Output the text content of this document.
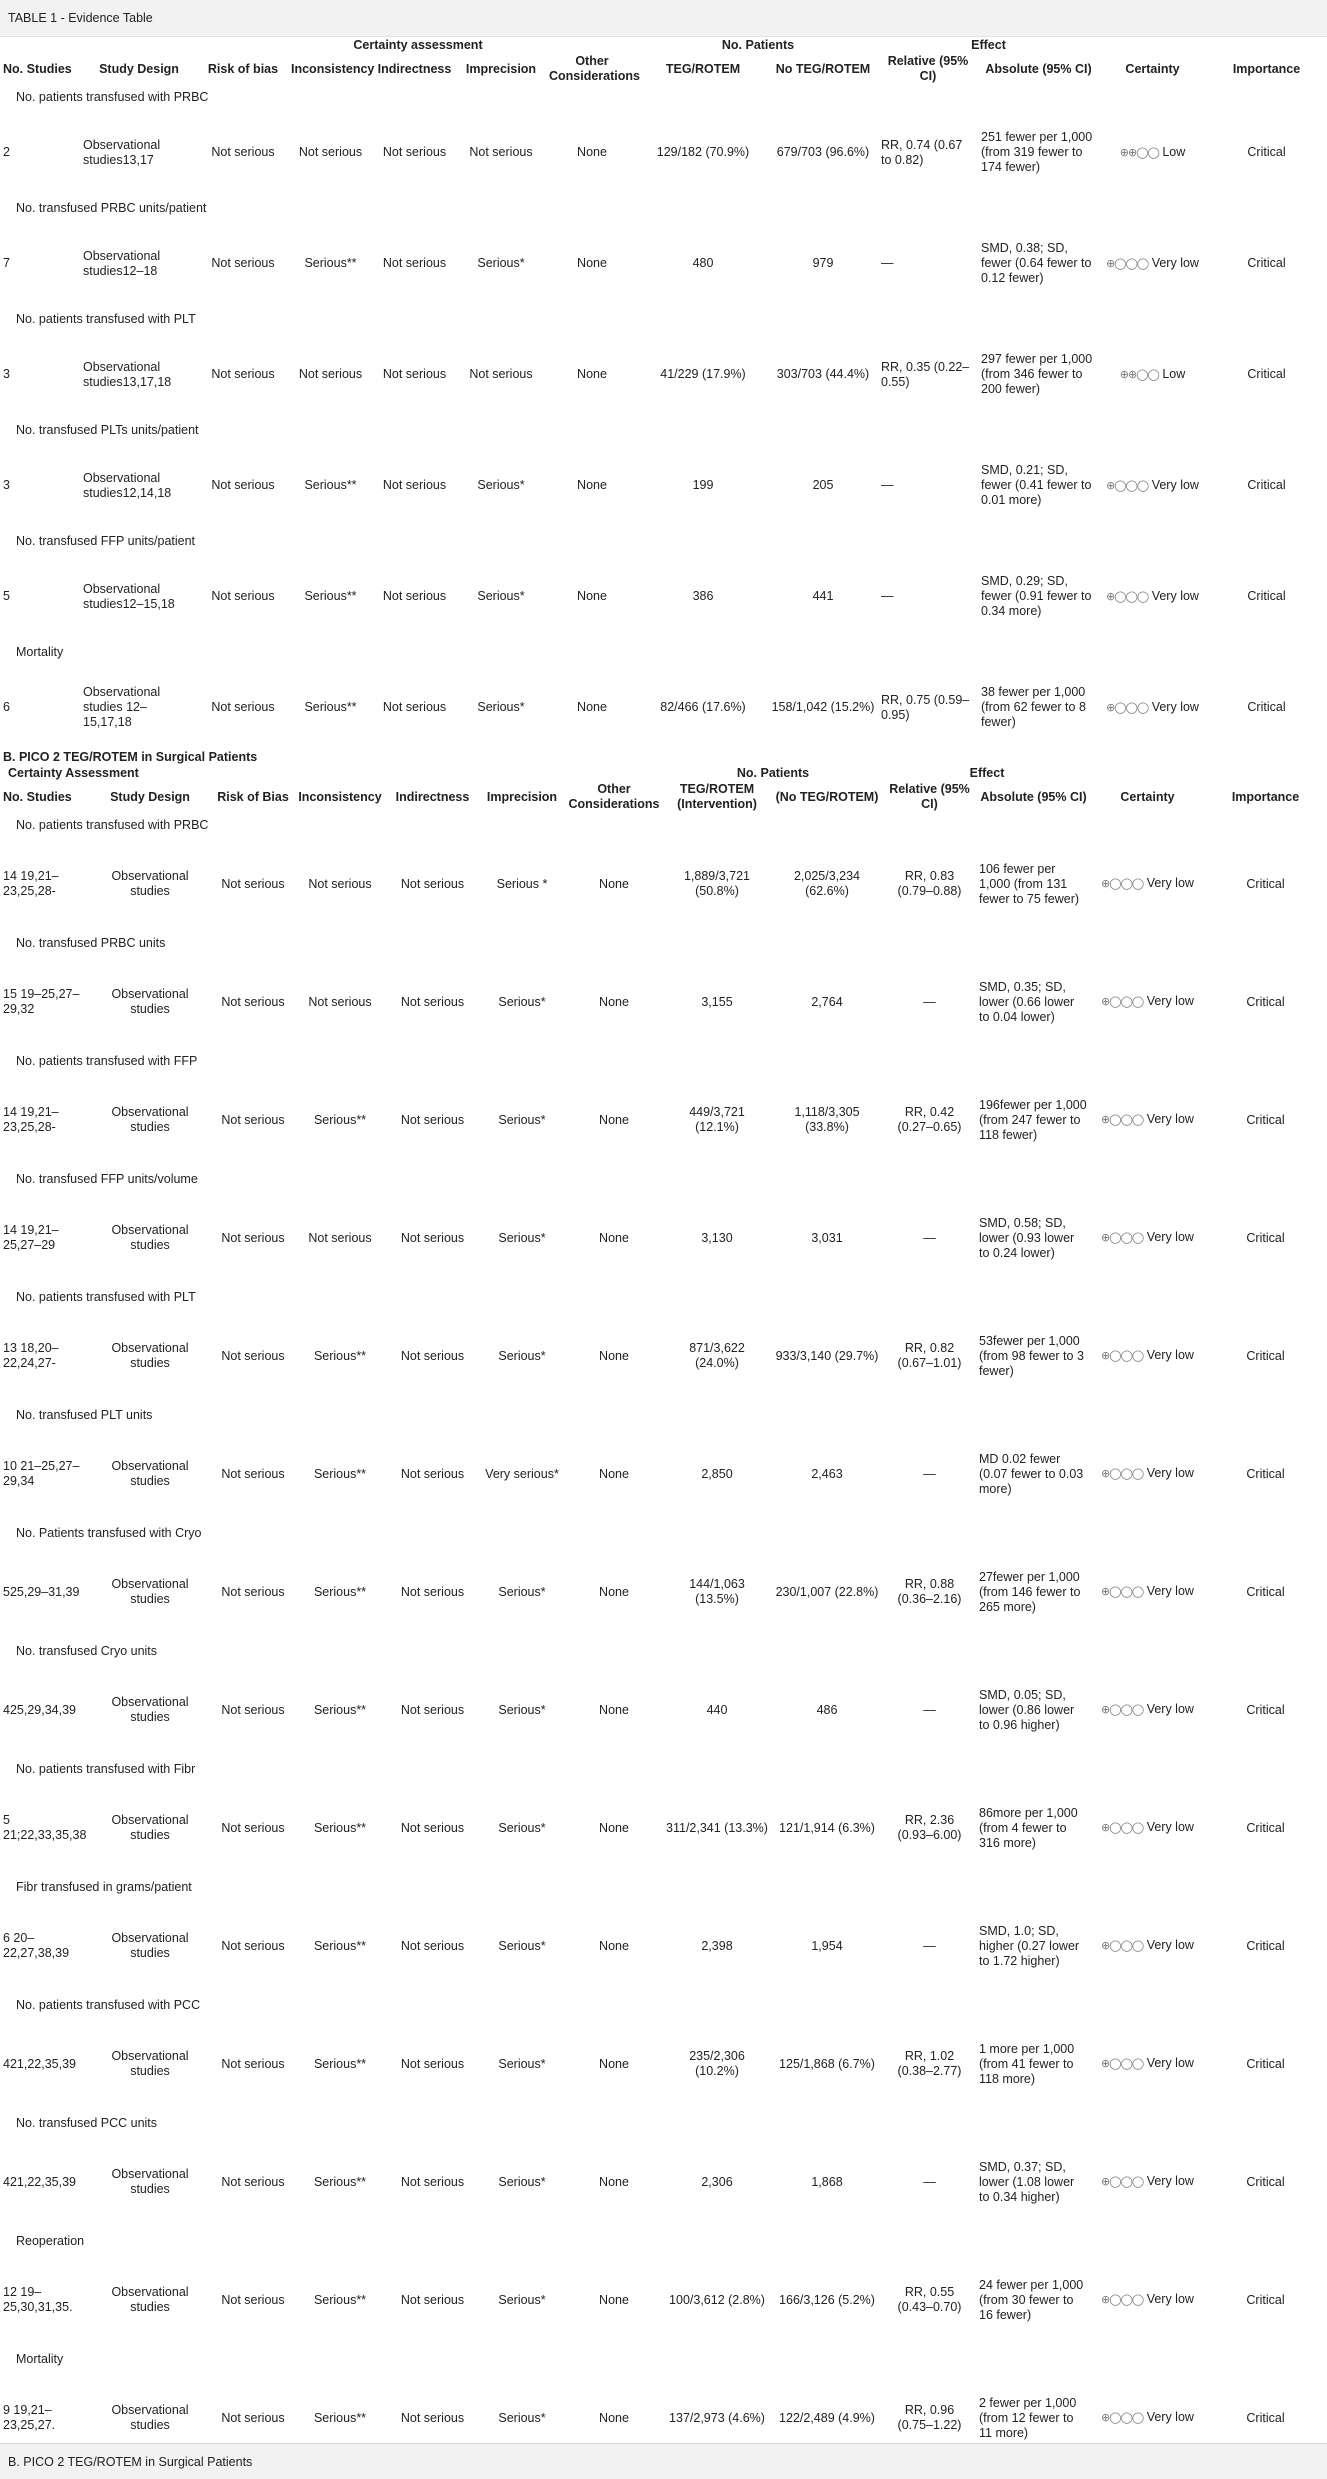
TABLE 1 - Evidence Table
		Certainty assessment					No. Patients		Effect			
No. Studies	Study Design	Risk of bias	Inconsistency	Indirectness	Imprecision	Other Considerations	TEG/ROTEM	No TEG/ROTEM	Relative (95% CI)	Absolute (95% CI)	Certainty	Importance
No. patients transfused with PRBC												
2	Observational studies13,17	Not serious	Not serious	Not serious	Not serious	None	129/182 (70.9%)	679/703 (96.6%)	RR, 0.74 (0.67 to 0.82)	251 fewer per 1,000 (from 319 fewer to 174 fewer)	⊕⊕◯◯ Low	Critical
No. transfused PRBC units/patient												
7	Observational studies12–18	Not serious	Serious**	Not serious	Serious*	None	480	979	—	SMD, 0.38; SD, fewer (0.64 fewer to 0.12 fewer)	⊕◯◯◯ Very low	Critical
No. patients transfused with PLT												
3	Observational studies13,17,18	Not serious	Not serious	Not serious	Not serious	None	41/229 (17.9%)	303/703 (44.4%)	RR, 0.35 (0.22–0.55)	297 fewer per 1,000 (from 346 fewer to 200 fewer)	⊕⊕◯◯ Low	Critical
No. transfused PLTs units/patient												
3	Observational studies12,14,18	Not serious	Serious**	Not serious	Serious*	None	199	205	—	SMD, 0.21; SD, fewer (0.41 fewer to 0.01 more)	⊕◯◯◯ Very low	Critical
No. transfused FFP units/patient												
5	Observational studies12–15,18	Not serious	Serious**	Not serious	Serious*	None	386	441	—	SMD, 0.29; SD, fewer (0.91 fewer to 0.34 more)	⊕◯◯◯ Very low	Critical
Mortality												
6	Observational studies 12–15,17,18	Not serious	Serious**	Not serious	Serious*	None	82/466 (17.6%)	158/1,042 (15.2%)	RR, 0.75 (0.59–0.95)	38 fewer per 1,000 (from 62 fewer to 8 fewer)	⊕◯◯◯ Very low	Critical
B. PICO 2 TEG/ROTEM in Surgical Patients												
Certainty Assessment							No. Patients		Effect			
No. Studies	Study Design	Risk of Bias	Inconsistency	Indirectness	Imprecision	Other Considerations	TEG/ROTEM (Intervention)	(No TEG/ROTEM)	Relative (95% CI)	Absolute (95% CI)	Certainty	Importance
No. patients transfused with PRBC												
14 19,21–23,25,28-	Observational studies	Not serious	Not serious	Not serious	Serious *	None	1,889/3,721 (50.8%)	2,025/3,234 (62.6%)	RR, 0.83 (0.79–0.88)	106 fewer per 1,000 (from 131 fewer to 75 fewer)	⊕◯◯◯ Very low	Critical
No. transfused PRBC units												
15 19–25,27–29,32	Observational studies	Not serious	Not serious	Not serious	Serious*	None	3,155	2,764	—	SMD, 0.35; SD, lower (0.66 lower to 0.04 lower)	⊕◯◯◯ Very low	Critical
No. patients transfused with FFP												
14 19,21–23,25,28-	Observational studies	Not serious	Serious**	Not serious	Serious*	None	449/3,721 (12.1%)	1,118/3,305 (33.8%)	RR, 0.42 (0.27–0.65)	196fewer per 1,000 (from 247 fewer to 118 fewer)	⊕◯◯◯ Very low	Critical
No. transfused FFP units/volume												
14 19,21–25,27–29	Observational studies	Not serious	Not serious	Not serious	Serious*	None	3,130	3,031	—	SMD, 0.58; SD, lower (0.93 lower to 0.24 lower)	⊕◯◯◯ Very low	Critical
No. patients transfused with PLT												
13 18,20–22,24,27-	Observational studies	Not serious	Serious**	Not serious	Serious*	None	871/3,622 (24.0%)	933/3,140 (29.7%)	RR, 0.82 (0.67–1.01)	53fewer per 1,000 (from 98 fewer to 3 fewer)	⊕◯◯◯ Very low	Critical
No. transfused PLT units												
10 21–25,27–29,34	Observational studies	Not serious	Serious**	Not serious	Very serious*	None	2,850	2,463	—	MD 0.02 fewer (0.07 fewer to 0.03 more)	⊕◯◯◯ Very low	Critical
No. Patients transfused with Cryo												
525,29–31,39	Observational studies	Not serious	Serious**	Not serious	Serious*	None	144/1,063 (13.5%)	230/1,007 (22.8%)	RR, 0.88 (0.36–2.16)	27fewer per 1,000 (from 146 fewer to 265 more)	⊕◯◯◯ Very low	Critical
No. transfused Cryo units												
425,29,34,39	Observational studies	Not serious	Serious**	Not serious	Serious*	None	440	486	—	SMD, 0.05; SD, lower (0.86 lower to 0.96 higher)	⊕◯◯◯ Very low	Critical
No. patients transfused with Fibr												
5 21;22,33,35,38	Observational studies	Not serious	Serious**	Not serious	Serious*	None	311/2,341 (13.3%)	121/1,914 (6.3%)	RR, 2.36 (0.93–6.00)	86more per 1,000 (from 4 fewer to 316 more)	⊕◯◯◯ Very low	Critical
Fibr transfused in grams/patient												
6 20–22,27,38,39	Observational studies	Not serious	Serious**	Not serious	Serious*	None	2,398	1,954	—	SMD, 1.0; SD, higher (0.27 lower to 1.72 higher)	⊕◯◯◯ Very low	Critical
No. patients transfused with PCC												
421,22,35,39	Observational studies	Not serious	Serious**	Not serious	Serious*	None	235/2,306 (10.2%)	125/1,868 (6.7%)	RR, 1.02 (0.38–2.77)	1 more per 1,000 (from 41 fewer to 118 more)	⊕◯◯◯ Very low	Critical
No. transfused PCC units												
421,22,35,39	Observational studies	Not serious	Serious**	Not serious	Serious*	None	2,306	1,868	—	SMD, 0.37; SD, lower (1.08 lower to 0.34 higher)	⊕◯◯◯ Very low	Critical
Reoperation												
12 19–25,30,31,35.	Observational studies	Not serious	Serious**	Not serious	Serious*	None	100/3,612 (2.8%)	166/3,126 (5.2%)	RR, 0.55 (0.43–0.70)	24 fewer per 1,000 (from 30 fewer to 16 fewer)	⊕◯◯◯ Very low	Critical
Mortality												
9 19,21–23,25,27.	Observational studies	Not serious	Serious**	Not serious	Serious*	None	137/2,973 (4.6%)	122/2,489 (4.9%)	RR, 0.96 (0.75–1.22)	2 fewer per 1,000 (from 12 fewer to 11 more)	⊕◯◯◯ Very low	Critical
B. PICO 2 TEG/ROTEM in Surgical Patients
